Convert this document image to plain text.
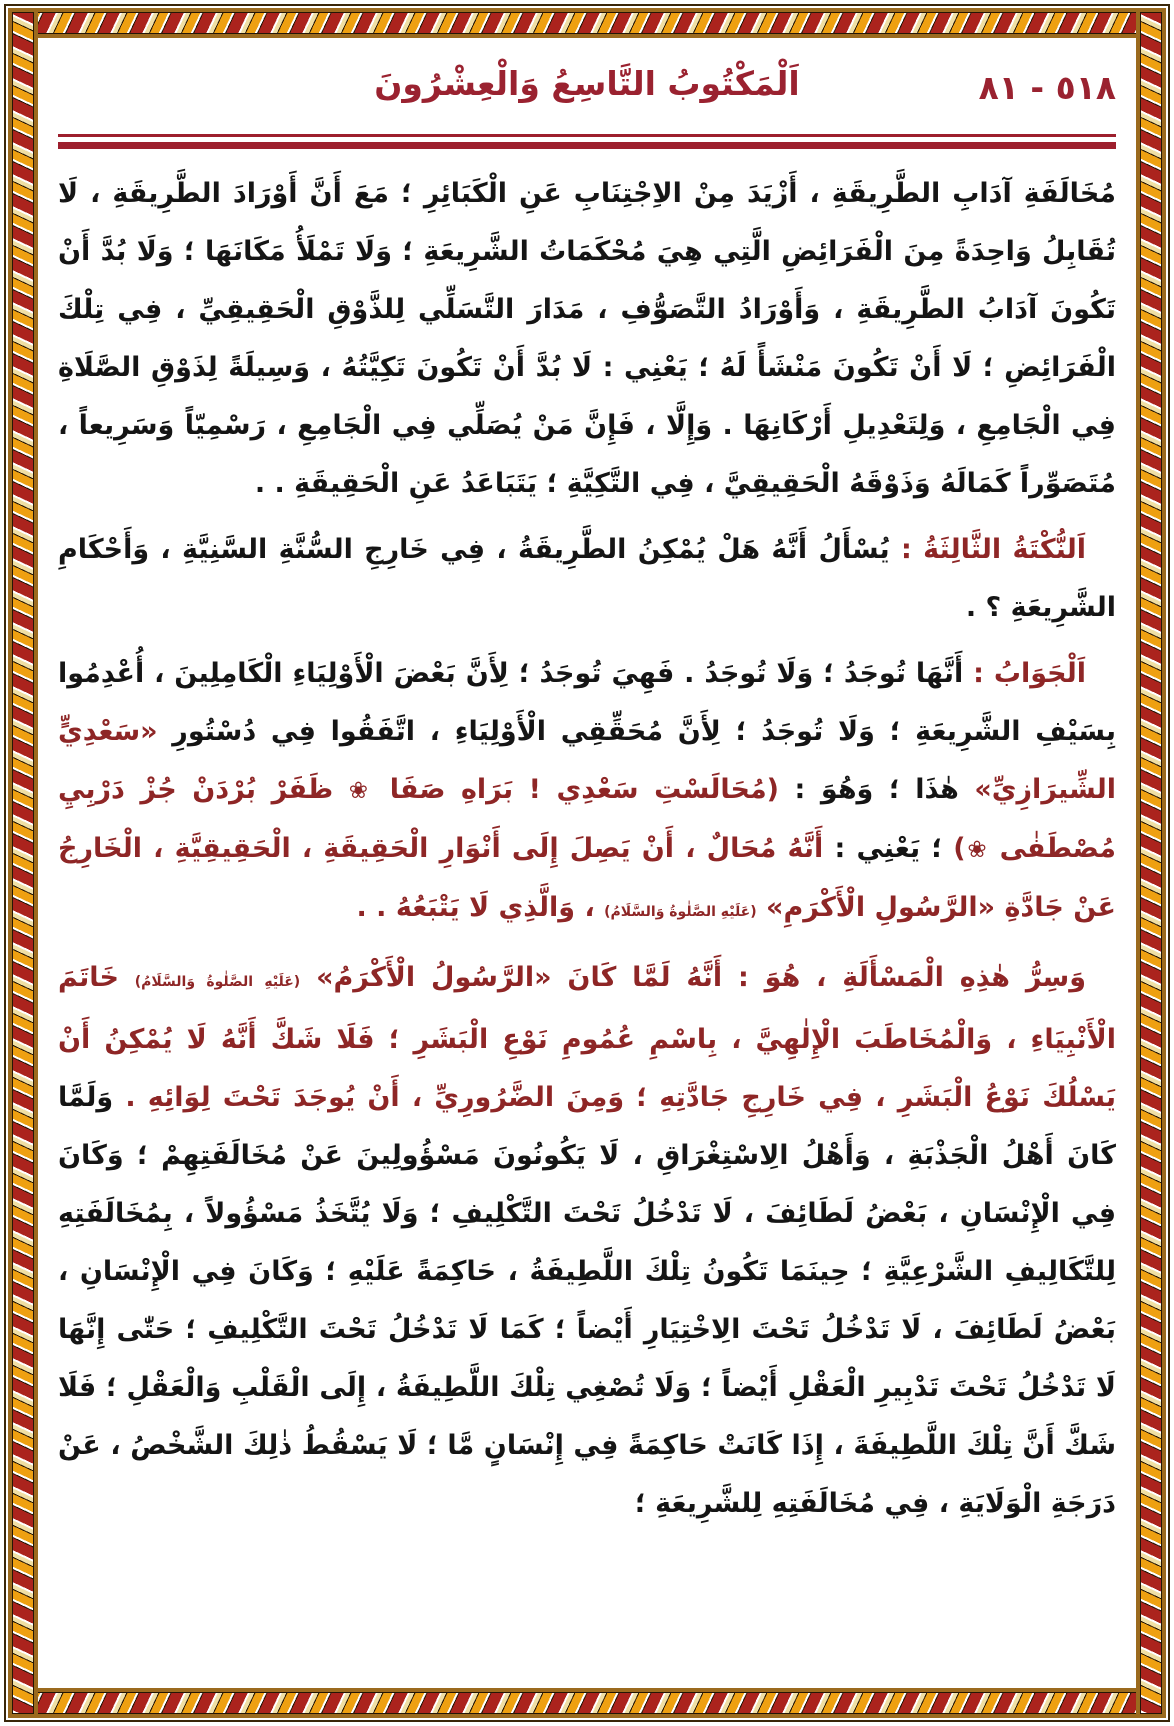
٥١٨ - ٨١
اَلْمَكْتُوبُ التَّاسِعُ وَالْعِشْرُونَ
مُخَالَفَةِ آدَابِ الطَّرِيقَةِ ، أَزْيَدَ مِنْ الاِجْتِنَابِ عَنِ الْكَبَائِرِ ؛ مَعَ أَنَّ أَوْرَادَ الطَّرِيقَةِ ، لَا تُقَابِلُ وَاحِدَةً مِنَ الْفَرَائِضِ الَّتِي هِيَ مُحْكَمَاتُ الشَّرِيعَةِ ؛ وَلَا تَمْلَأُ مَكَانَهَا ؛ وَلَا بُدَّ أَنْ تَكُونَ آدَابُ الطَّرِيقَةِ ، وَأَوْرَادُ التَّصَوُّفِ ، مَدَارَ التَّسَلِّي لِلذَّوْقِ الْحَقِيقِيِّ ، فِي تِلْكَ الْفَرَائِضِ ؛ لَا أَنْ تَكُونَ مَنْشَأً لَهُ ؛ يَعْنِي : لَا بُدَّ أَنْ تَكُونَ تَكِيَّتُهُ ، وَسِيلَةً لِذَوْقِ الصَّلَاةِ فِي الْجَامِعِ ، وَلِتَعْدِيلِ أَرْكَانِهَا . وَإِلَّا ، فَإِنَّ مَنْ يُصَلِّي فِي الْجَامِعِ ، رَسْمِيّاً وَسَرِيعاً ، مُتَصَوِّراً كَمَالَهُ وَذَوْقَهُ الْحَقِيقِيَّ ، فِي التَّكِيَّةِ ؛ يَتَبَاعَدُ عَنِ الْحَقِيقَةِ . .
اَلنُّكْتَةُ الثَّالِثَةُ : يُسْأَلُ أَنَّهُ هَلْ يُمْكِنُ الطَّرِيقَةُ ، فِي خَارِجِ السُّنَّةِ السَّنِيَّةِ ، وَأَحْكَامِ الشَّرِيعَةِ ؟ .
اَلْجَوَابُ : أَنَّهَا تُوجَدُ ؛ وَلَا تُوجَدُ . فَهِيَ تُوجَدُ ؛ لِأَنَّ بَعْضَ الْأَوْلِيَاءِ الْكَامِلِينَ ، أُعْدِمُوا بِسَيْفِ الشَّرِيعَةِ ؛ وَلَا تُوجَدُ ؛ لِأَنَّ مُحَقِّقِي الْأَوْلِيَاءِ ، اتَّفَقُوا فِي دُسْتُورِ «سَعْدِيٍّ الشِّيرَازِيِّ» هٰذَا ؛ وَهُوَ : (مُحَالَسْتِ سَعْدِي ! بَرَاهِ صَفَا ❀ ظَفَرْ بُرْدَنْ جُزْ دَرْبِيِ مُصْطَفٰى ❀) ؛ يَعْنِي : أَنَّهُ مُحَالٌ ، أَنْ يَصِلَ إِلَى أَنْوَارِ الْحَقِيقَةِ ، الْحَقِيقِيَّةِ ، الْخَارِجُ عَنْ جَادَّةِ «الرَّسُولِ الْأَكْرَمِ» (عَلَيْهِ الصَّلٰوةُ وَالسَّلَامُ) ، وَالَّذِي لَا يَتْبَعُهُ . .
وَسِرُّ هٰذِهِ الْمَسْأَلَةِ ، هُوَ : أَنَّهُ لَمَّا كَانَ «الرَّسُولُ الْأَكْرَمُ» (عَلَيْهِ الصَّلٰوةُ وَالسَّلَامُ) خَاتَمَ الْأَنْبِيَاءِ ، وَالْمُخَاطَبَ الْإِلٰهِيَّ ، بِاسْمِ عُمُومِ نَوْعِ الْبَشَرِ ؛ فَلَا شَكَّ أَنَّهُ لَا يُمْكِنُ أَنْ يَسْلُكَ نَوْعُ الْبَشَرِ ، فِي خَارِجِ جَادَّتِهِ ؛ وَمِنَ الضَّرُورِيِّ ، أَنْ يُوجَدَ تَحْتَ لِوَائِهِ . وَلَمَّا كَانَ أَهْلُ الْجَذْبَةِ ، وَأَهْلُ الِاسْتِغْرَاقِ ، لَا يَكُونُونَ مَسْؤُولِينَ عَنْ مُخَالَفَتِهِمْ ؛ وَكَانَ فِي الْإِنْسَانِ ، بَعْضُ لَطَائِفَ ، لَا تَدْخُلُ تَحْتَ التَّكْلِيفِ ؛ وَلَا يُتَّخَذُ مَسْؤُولاً ، بِمُخَالَفَتِهِ لِلتَّكَالِيفِ الشَّرْعِيَّةِ ؛ حِينَمَا تَكُونُ تِلْكَ اللَّطِيفَةُ ، حَاكِمَةً عَلَيْهِ ؛ وَكَانَ فِي الْإِنْسَانِ ، بَعْضُ لَطَائِفَ ، لَا تَدْخُلُ تَحْتَ الِاخْتِيَارِ أَيْضاً ؛ كَمَا لَا تَدْخُلُ تَحْتَ التَّكْلِيفِ ؛ حَتّٰى إِنَّهَا لَا تَدْخُلُ تَحْتَ تَدْبِيرِ الْعَقْلِ أَيْضاً ؛ وَلَا تُصْغِي تِلْكَ اللَّطِيفَةُ ، إِلَى الْقَلْبِ وَالْعَقْلِ ؛ فَلَا شَكَّ أَنَّ تِلْكَ اللَّطِيفَةَ ، إِذَا كَانَتْ حَاكِمَةً فِي إِنْسَانٍ مَّا ؛ لَا يَسْقُطُ ذٰلِكَ الشَّخْصُ ، عَنْ دَرَجَةِ الْوَلَايَةِ ، فِي مُخَالَفَتِهِ لِلشَّرِيعَةِ ؛
